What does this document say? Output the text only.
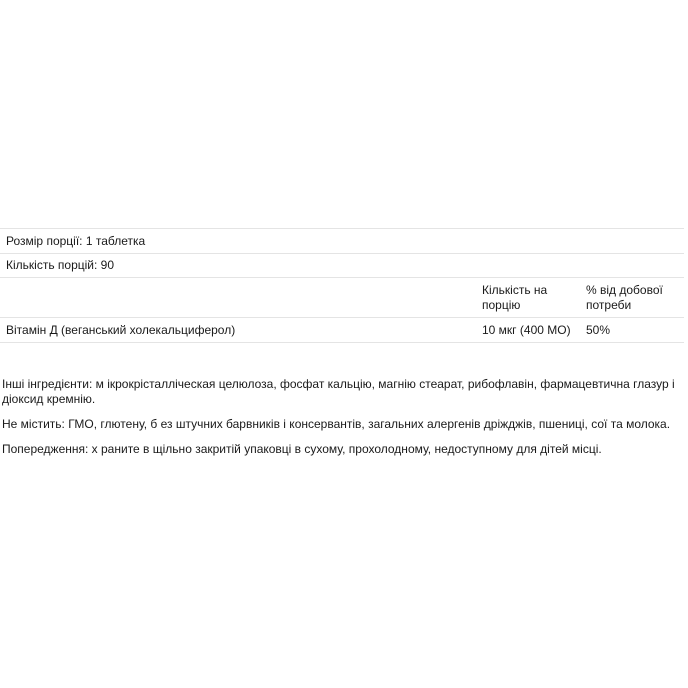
Розмір порції: 1 таблетка
Кількість порцій: 90
Кількість на порцію
% від добової потреби
Вітамін Д (веганський холекальциферол)	10 мкг (400 МО)	50%

Інші інгредієнти: м ікрокрісталліческая целюлоза, фосфат кальцію, магнію стеарат, рибофлавін, фармацевтична глазур і діоксид кремнію.

Не містить: ГМО, глютену, б ез штучних барвників і консервантів, загальних алергенів дріжджів, пшениці, сої та молока.

Попередження: х раните в щільно закритій упаковці в сухому, прохолодному, недоступному для дітей місці.
